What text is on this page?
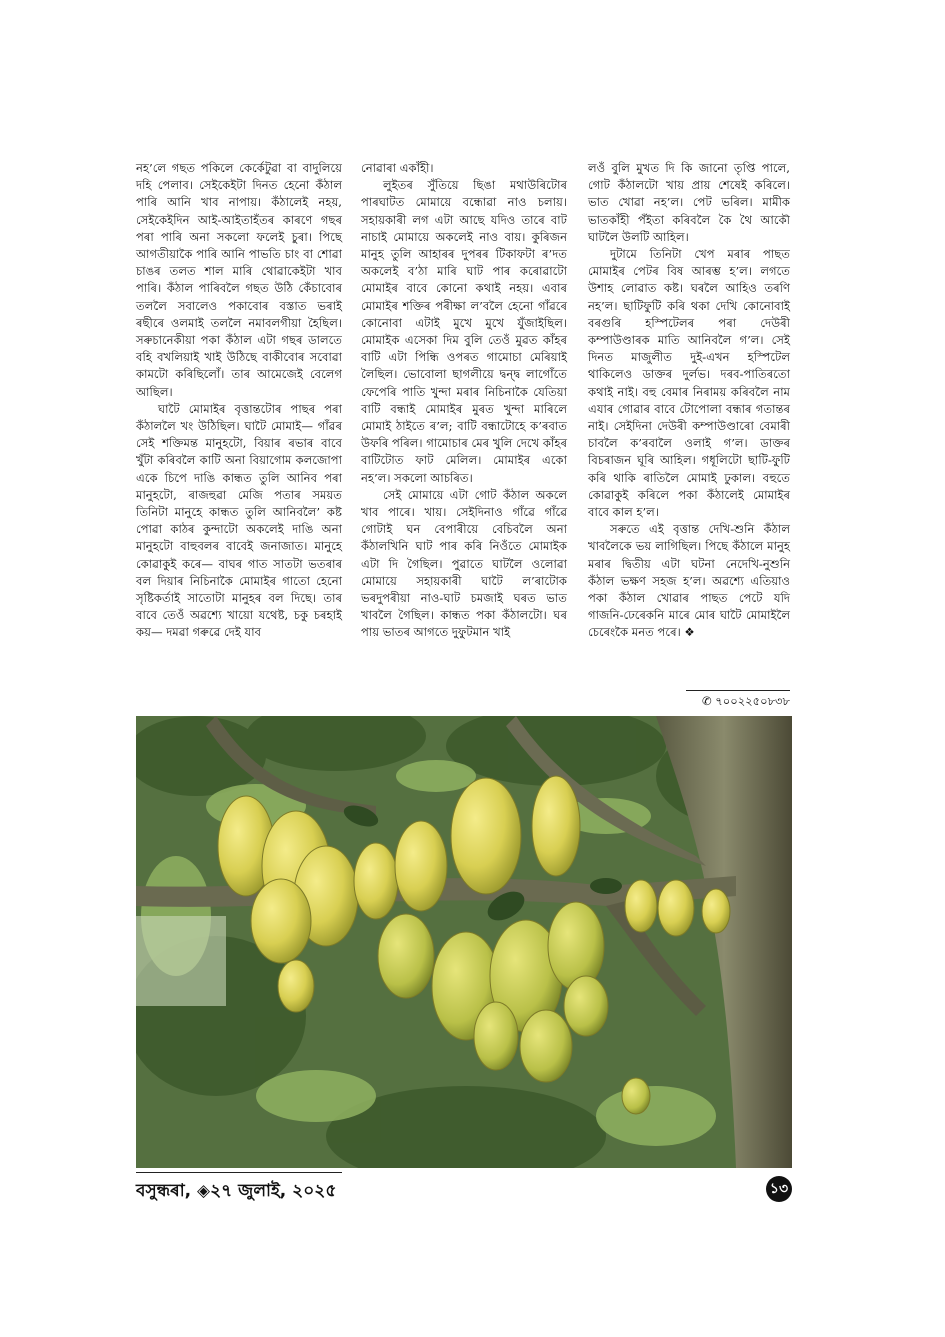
নহ’লে গছত পকিলে কেৰ্কেটুৱা বা বাদুলিয়ে দহি পেলাব। সেইকেইটা দিনত হেনো কঁঠাল পাৰি আনি খাব নাপায়। কঁঠালেই নহয়, সেইকেইদিন আই-আইতাহঁতৰ কাৰণে গছৰ পৰা পাৰি অনা সকলো ফলেই চুৰা। পিছে আগতীয়াকৈ পাৰি আনি পাভতি চাং বা শোৱা চাঙৰ তলত শাল মাৰি থোৱাকেইটা খাব পাৰি। কঁঠাল পাৰিবলৈ গছত উঠি কেঁচাবোৰ তললৈ সবালেও পকাবোৰ বস্তাত ভৰাই ৰছীৰে ওলমাই তললৈ নমাবলগীয়া হৈছিল। সৰুচানেকীয়া পকা কঁঠাল এটা গছৰ ডালতে বহি বখলিয়াই খাই উঠিছে বাকীবোৰ সবোৱা কামটো কৰিছিলোঁ। তাৰ আমেজেই বেলেগ আছিল।

ঘাটৈ মোমাইৰ বৃত্তান্তটোৰ পাছৰ পৰা কঁঠাললৈ খং উঠিছিল। ঘাটৈ মোমাই— গাঁৱৰ সেই শক্তিমন্ত মানুহটো, বিয়াৰ ৰভাৰ বাবে খুঁটা কৰিবলৈ কাটি অনা বিয়াগোম কলজোপা একে চিপে দাঙি কান্ধত তুলি আনিব পৰা মানুহটো, ৰাজহুৱা মেজি পতাৰ সময়ত তিনিটা মানুহে কান্ধত তুলি আনিবলৈ’ কষ্ট পোৱা কাঠৰ কুন্দাটো অকলেই দাঙি অনা মানুহটো বাহুবলৰ বাবেই জনাজাত। মানুহে কোৱাকুই কৰে— বাঘৰ গাত সাতটা ভতৰাৰ বল দিয়াৰ নিচিনাকৈ মোমাইৰ গাতো হেনো সৃষ্টিকৰ্তাই সাতোটা মানুহৰ বল দিছে। তাৰ বাবে তেওঁ অৱশ্যে খায়ো যথেষ্ট, চকু চৰহাই কয়— দমৱা গৰুৱে দেই যাব

নোৱাৰা একাঁহী।

লুইতৰ সুঁতিয়ে ছিঙা মথাউৰিটোৰ পাৰঘাটত মোমায়ে বন্ধোৱা নাও চলায়। সহায়কাৰী লগ এটা আছে যদিও তাৰে বাট নাচাই মোমায়ে অকলেই নাও বায়। কুৰিজন মানুহ তুলি আহাৰৰ দুপৰৰ টিকাফটা ৰ’দত অকলেই ব’ঠা মাৰি ঘাট পাৰ কৰোৱাটো মোমাইৰ বাবে কোনো কথাই নহয়। এবাৰ মোমাইৰ শক্তিৰ পৰীক্ষা ল’বলৈ হেনো গাঁৱৰে কোনোবা এটাই মুখে মুখে যুঁজাইছিল। মোমাইক এসেকা দিম বুলি তেওঁ মুৱত কাঁহৰ বাটি এটা পিন্ধি ওপৰত গামোচা মেৰিয়াই লৈছিল। ভোবোলা ছাগলীয়ে দ্বন্দ্ব লাগোঁতে ফেপেৰি পাতি খুন্দা মৰাৰ নিচিনাকৈ যেতিয়া বাটি বন্ধাই মোমাইৰ মুৰত খুন্দা মাৰিলে মোমাই ঠাইতে ৰ’ল; বাটি বন্ধাটোহে ক’ৰবাত উফৰি পৰিল। গামোচাৰ মেৰ খুলি দেখে কাঁহৰ বাটিটোত ফাট মেলিল। মোমাইৰ একো নহ’ল। সকলো আচৰিত।

সেই মোমায়ে এটা গোট কঁঠাল অকলে খাব পাৰে। খায়। সেইদিনাও গাঁৱে গাঁৱে গোটাই ঘন বেপাৰীয়ে বেচিবলৈ অনা কঁঠালখিনি ঘাট পাৰ কৰি নিওঁতে মোমাইক এটা দি গৈছিল। পুৱাতে ঘাটলৈ ওলোৱা মোমায়ে সহায়কাৰী ঘাটৈ ল’ৰাটোক ভৰদুপৰীয়া নাও-ঘাট চমজাই ঘৰত ভাত খাবলৈ গৈছিল। কান্ধত পকা কঁঠালটো। ঘৰ পায় ভাতৰ আগতে দুফুটমান খাই

লওঁ বুলি মুখত দি কি জানো তৃপ্তি পালে, গোট কঁঠালটো খায় প্ৰায় শেষেই কৰিলে। ভাত খোৱা নহ’ল। পেট ভৰিল। মামীক ভাতকাঁহী পঁইতা কৰিবলৈ কৈ থৈ আকৌ ঘাটলৈ উলটি আহিল।

দুটামে তিনিটা খেপ মৰাৰ পাছত মোমাইৰ পেটৰ বিষ আৰম্ভ হ’ল। লগতে উশাহ লোৱাত কষ্ট। ঘৰলৈ আহিও তৰণি নহ’ল। ছাটিফুটি কৰি থকা দেখি কোনোবাই বৰগুৰি হস্পিটেলৰ পৰা দেউৰী কম্পাউণ্ডাৰক মাতি আনিবলৈ গ’ল। সেই দিনত মাজুলীত দুই-এখন হস্পিটেল থাকিলেও ডাক্তৰ দুৰ্লভ। দৰব-পাতিৰতো কথাই নাই। বহু বেমাৰ নিৰাময় কৰিবলৈ নাম এযাৰ গোৱাৰ বাবে টোপোলা বন্ধাৰ গতান্তৰ নাই। সেইদিনা দেউৰী কম্পাউণ্ডাৰো বেমাৰী চাবলৈ ক’ৰবালৈ ওলাই গ’ল। ডাক্তৰ বিচৰাজন ঘূৰি আহিল। গধূলিটো ছাটি-ফুটি কৰি থাকি ৰাতিলৈ মোমাই ঢুকাল। বহুতে কোৱাকুই কৰিলে পকা কঁঠালেই মোমাইৰ বাবে কাল হ’ল।

সৰুতে এই বৃত্তান্ত দেখি-শুনি কঁঠাল খাবলৈকে ভয় লাগিছিল। পিছে কঁঠালে মানুহ মৰাৰ দ্বিতীয় এটা ঘটনা নেদেখি-নুশুনি কঁঠাল ভক্ষণ সহজ হ’ল। অৱশ্যে এতিয়াও পকা কঁঠাল খোৱাৰ পাছত পেটে যদি গাজনি-ঢেৰেকনি মাৰে মোৰ ঘাটৈ মোমাইলৈ চেৰেংকৈ মনত পৰে। ❖

✆ ৭০০২২৫০৮৩৮
বসুন্ধৰা, ◈২৭ জুলাই, ২০২৫	১৩
